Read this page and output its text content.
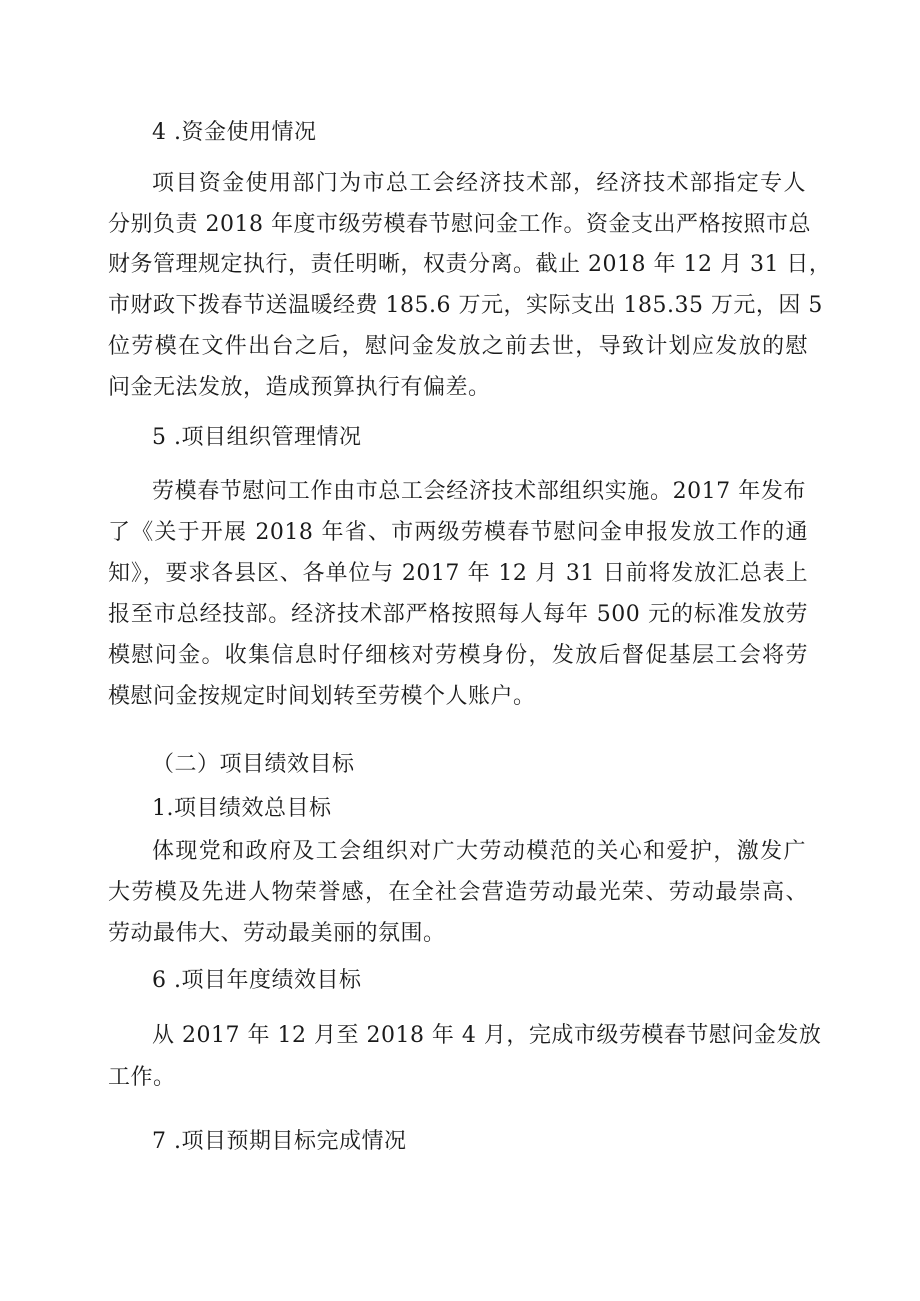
4 .资金使用情况
项目资金使用部门为市总工会经济技术部，经济技术部指定专人
分别负责 2018 年度市级劳模春节慰问金工作。资金支出严格按照市总
财务管理规定执行，责任明晰，权责分离。截止 2018 年 12 月 31 日，
市财政下拨春节送温暖经费 185.6 万元，实际支出 185.35 万元，因 5
位劳模在文件出台之后，慰问金发放之前去世，导致计划应发放的慰
问金无法发放，造成预算执行有偏差。
5 .项目组织管理情况
劳模春节慰问工作由市总工会经济技术部组织实施。2017 年发布
了《关于开展 2018 年省、市两级劳模春节慰问金申报发放工作的通
知》，要求各县区、各单位与 2017 年 12 月 31 日前将发放汇总表上
报至市总经技部。经济技术部严格按照每人每年 500 元的标准发放劳
模慰问金。收集信息时仔细核对劳模身份，发放后督促基层工会将劳
模慰问金按规定时间划转至劳模个人账户。
（二）项目绩效目标
1.项目绩效总目标
体现党和政府及工会组织对广大劳动模范的关心和爱护，激发广
大劳模及先进人物荣誉感，在全社会营造劳动最光荣、劳动最崇高、
劳动最伟大、劳动最美丽的氛围。
6 .项目年度绩效目标
从 2017 年 12 月至 2018 年 4 月，完成市级劳模春节慰问金发放
工作。
7 .项目预期目标完成情况
